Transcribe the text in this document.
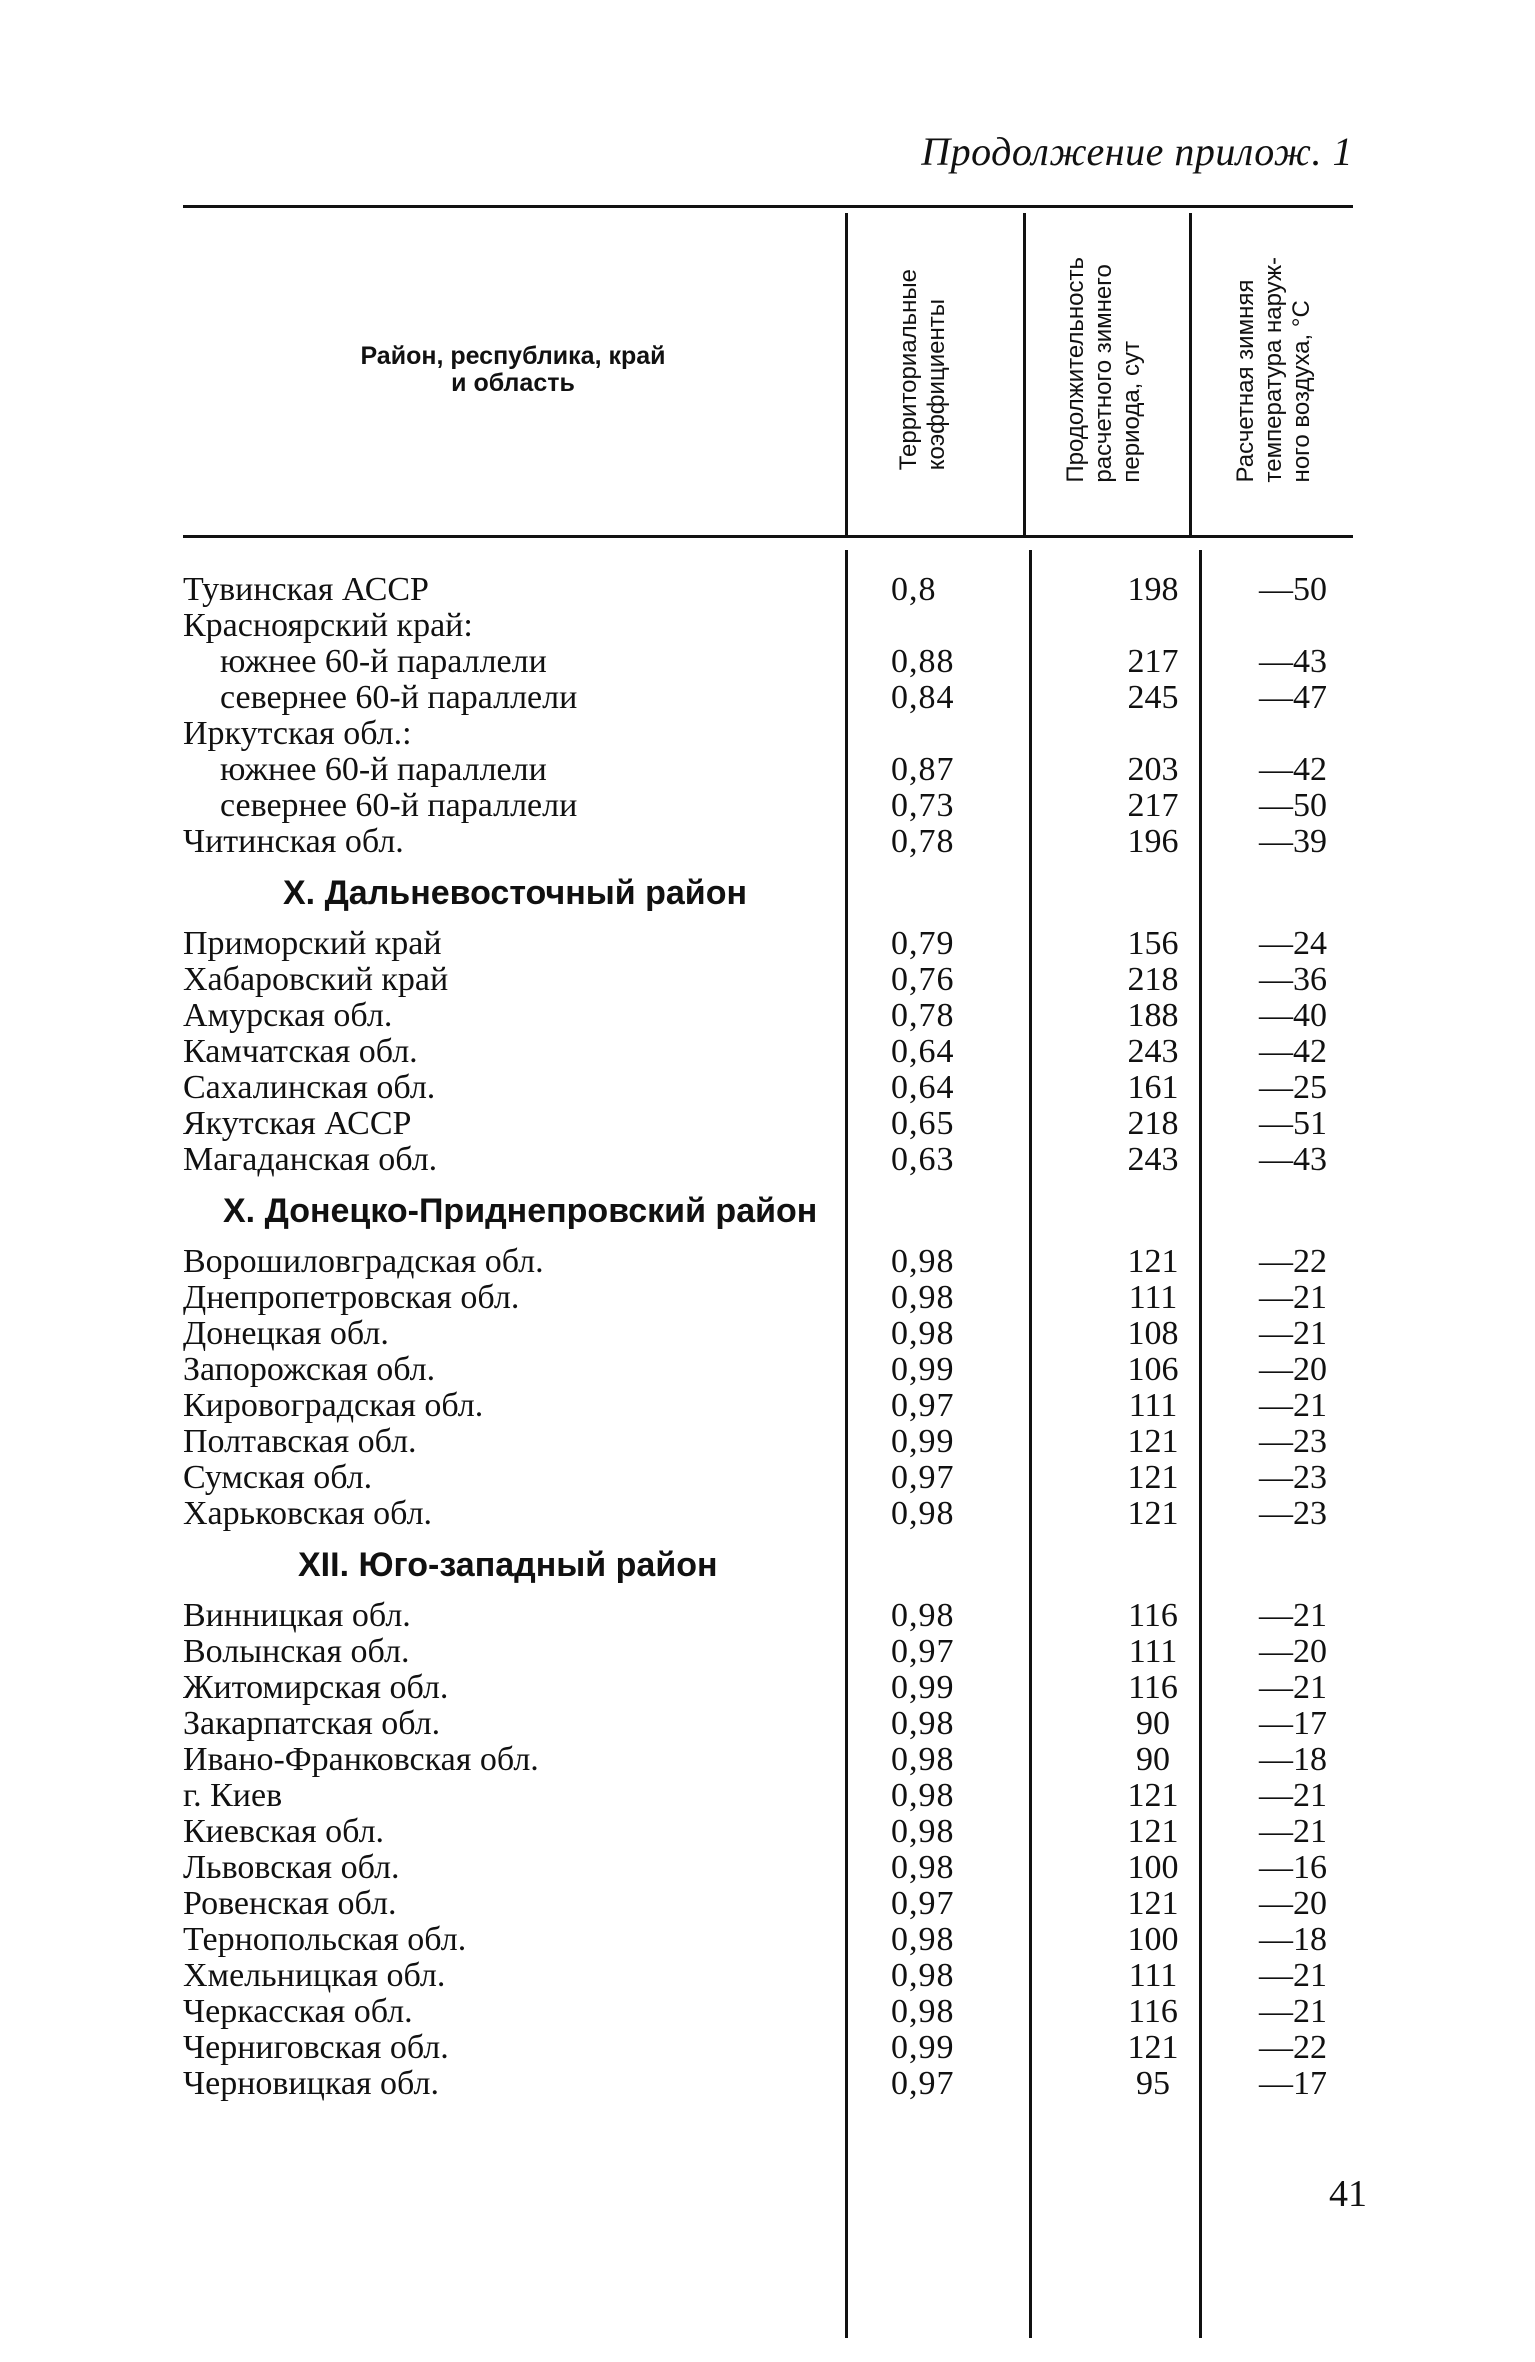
Продолжение прилож. 1
Район, республика, край
и область	Территориальные коэффициенты	Продолжительность расчетного зимнего периода, сут	Расчетная зимняя температура наруж- ного воздуха, °С
Тувинская АССР	0,8	198	—50
Красноярский край:
южнее 60-й параллели	0,88	217	—43
севернее 60-й параллели	0,84	245	—47
Иркутская обл.:
южнее 60-й параллели	0,87	203	—42
севернее 60-й параллели	0,73	217	—50
Читинская обл.	0,78	196	—39
X. Дальневосточный район
Приморский край	0,79	156	—24
Хабаровский край	0,76	218	—36
Амурская обл.	0,78	188	—40
Камчатская обл.	0,64	243	—42
Сахалинская обл.	0,64	161	—25
Якутская АССР	0,65	218	—51
Магаданская обл.	0,63	243	—43
X. Донецко-Приднепровский район
Ворошиловградская обл.	0,98	121	—22
Днепропетровская обл.	0,98	111	—21
Донецкая обл.	0,98	108	—21
Запорожская обл.	0,99	106	—20
Кировоградская обл.	0,97	111	—21
Полтавская обл.	0,99	121	—23
Сумская обл.	0,97	121	—23
Харьковская обл.	0,98	121	—23
XII. Юго-западный район
Винницкая обл.	0,98	116	—21
Волынская обл.	0,97	111	—20
Житомирская обл.	0,99	116	—21
Закарпатская обл.	0,98	90	—17
Ивано-Франковская обл.	0,98	90	—18
г. Киев	0,98	121	—21
Киевская обл.	0,98	121	—21
Львовская обл.	0,98	100	—16
Ровенская обл.	0,97	121	—20
Тернопольская обл.	0,98	100	—18
Хмельницкая обл.	0,98	111	—21
Черкасская обл.	0,98	116	—21
Черниговская обл.	0,99	121	—22
Черновицкая обл.	0,97	95	—17
41
